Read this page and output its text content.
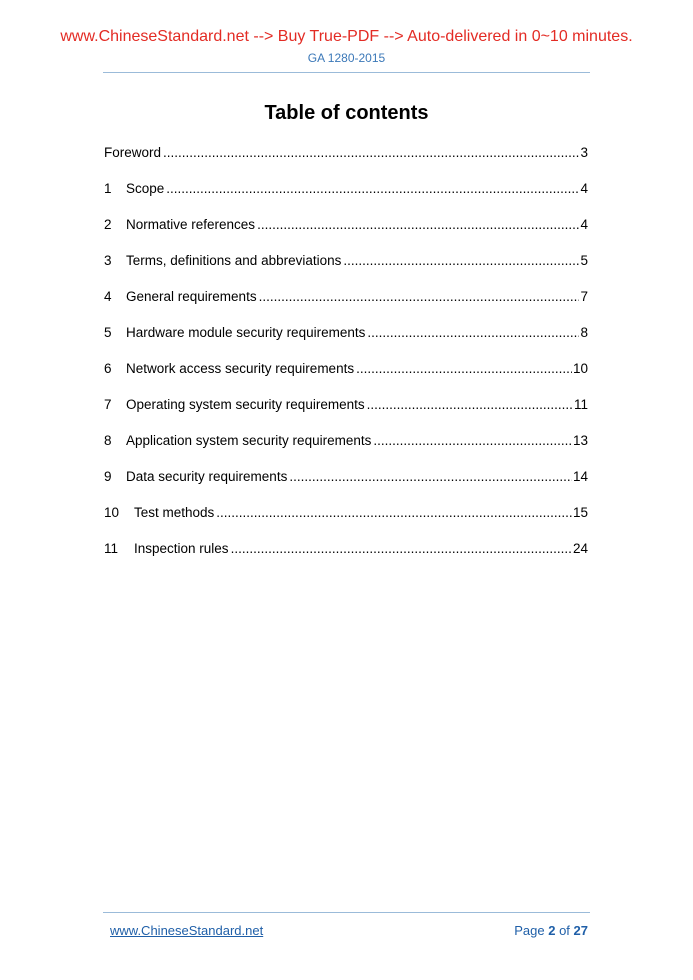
www.ChineseStandard.net --> Buy True-PDF --> Auto-delivered in 0~10 minutes.
GA 1280-2015
Table of contents
Foreword .....	3
1	Scope .....	4
2	Normative references .....	4
3	Terms, definitions and abbreviations .....	5
4	General requirements .....	7
5	Hardware module security requirements .....	8
6	Network access security requirements .....	10
7	Operating system security requirements .....	11
8	Application system security requirements .....	13
9	Data security requirements .....	14
10	Test methods .....	15
11	Inspection rules .....	24
www.ChineseStandard.net	Page 2 of 27
